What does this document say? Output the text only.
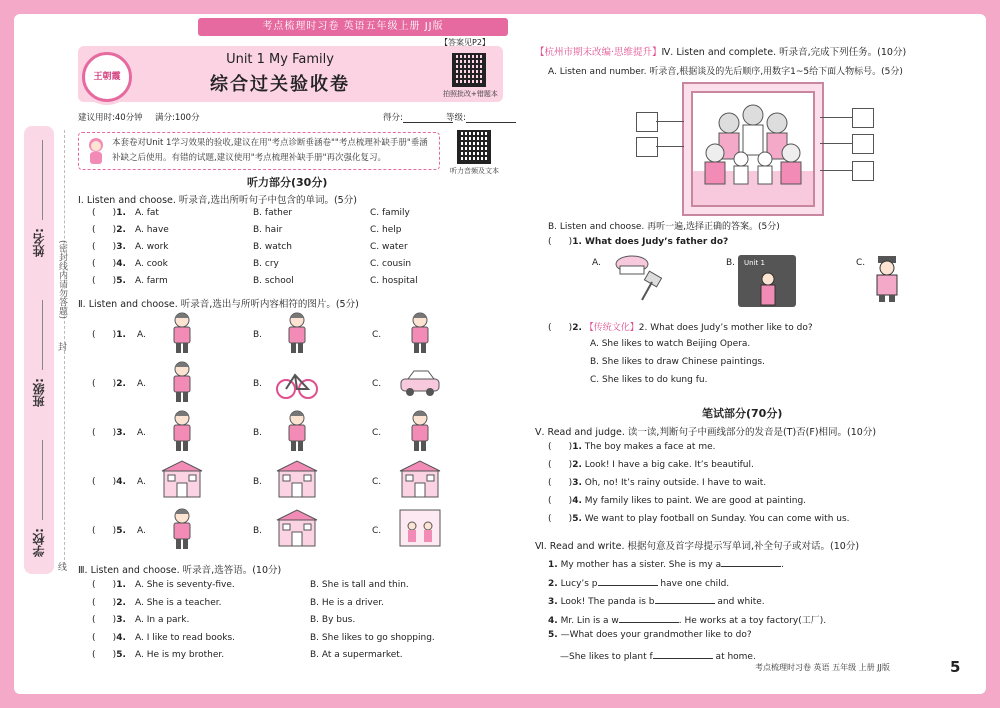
考点梳理时习卷 英语五年级上册 JJ版
姓名:
班级:
学校:
(密封线内请勿答题)
封
线
王朝霞
Unit 1 My Family
综合过关验收卷
【答案见P2】
拍照批改+错题本
听力音频及文本
建议用时:40分钟 满分:100分	得分:	等级:
本套卷对Unit 1学习效果的验收,建议在用"考点诊断垂涵卷""考点梳理补缺手册"垂涵补缺之后使用。有错的试题,建议使用"考点梳理补缺手册"再次强化复习。
听力部分(30分)
Ⅰ. Listen and choose. 听录音,选出所听句子中包含的单词。(5分)
(      )1. A. fat	B. father	C. family
(      )2. A. have	B. hair	C. help
(      )3. A. work	B. watch	C. water
(      )4. A. cook	B. cry	C. cousin
(      )5. A. farm	B. school	C. hospital
Ⅱ. Listen and choose. 听录音,选出与所听内容相符的图片。(5分)
(      )1. A.	B.	C.
(      )2. A.	B.	C.
(      )3. A.	B.	C.
(      )4. A.	B.	C.
(      )5. A.	B.	C.
Ⅲ. Listen and choose. 听录音,选答语。(10分)
(      )1. A. She is seventy-five.	B. She is tall and thin.
(      )2. A. She is a teacher.	B. He is a driver.
(      )3. A. In a park.	B. By bus.
(      )4. A. I like to read books.	B. She likes to go shopping.
(      )5. A. He is my brother.	B. At a supermarket.
【杭州市期末改编·思维提升】Ⅳ. Listen and complete. 听录音,完成下列任务。(10分)
A. Listen and number. 听录音,根据谈及的先后顺序,用数字1~5给下面人物标号。(5分)
B. Listen and choose. 再听一遍,选择正确的答案。(5分)
(      )1. What does Judy’s father do?
A.	B. Unit 1	C.
(      )2. 【传统文化】2. What does Judy’s mother like to do?
A. She likes to watch Beijing Opera.
B. She likes to draw Chinese paintings.
C. She likes to do kung fu.
笔试部分(70分)
Ⅴ. Read and judge. 读一读,判断句子中画线部分的发音是(T)否(F)相同。(10分)
(      )1. The boy makes a face at me.
(      )2. Look! I have a big cake. It’s beautiful.
(      )3. Oh, no! It’s rainy outside. I have to wait.
(      )4. My family likes to paint. We are good at painting.
(      )5. We want to play football on Sunday. You can come with us.
Ⅵ. Read and write. 根据句意及首字母提示写单词,补全句子或对话。(10分)
1. My mother has a sister. She is my a	.
2. Lucy’s p	have one child.
3. Look! The panda is b	and white.
4. Mr. Lin is a w	. He works at a toy factory(工厂).
5. —What does your grandmother like to do?
—She likes to plant f	at home.
考点梳理时习卷 英语 五年级 上册 JJ版	5
